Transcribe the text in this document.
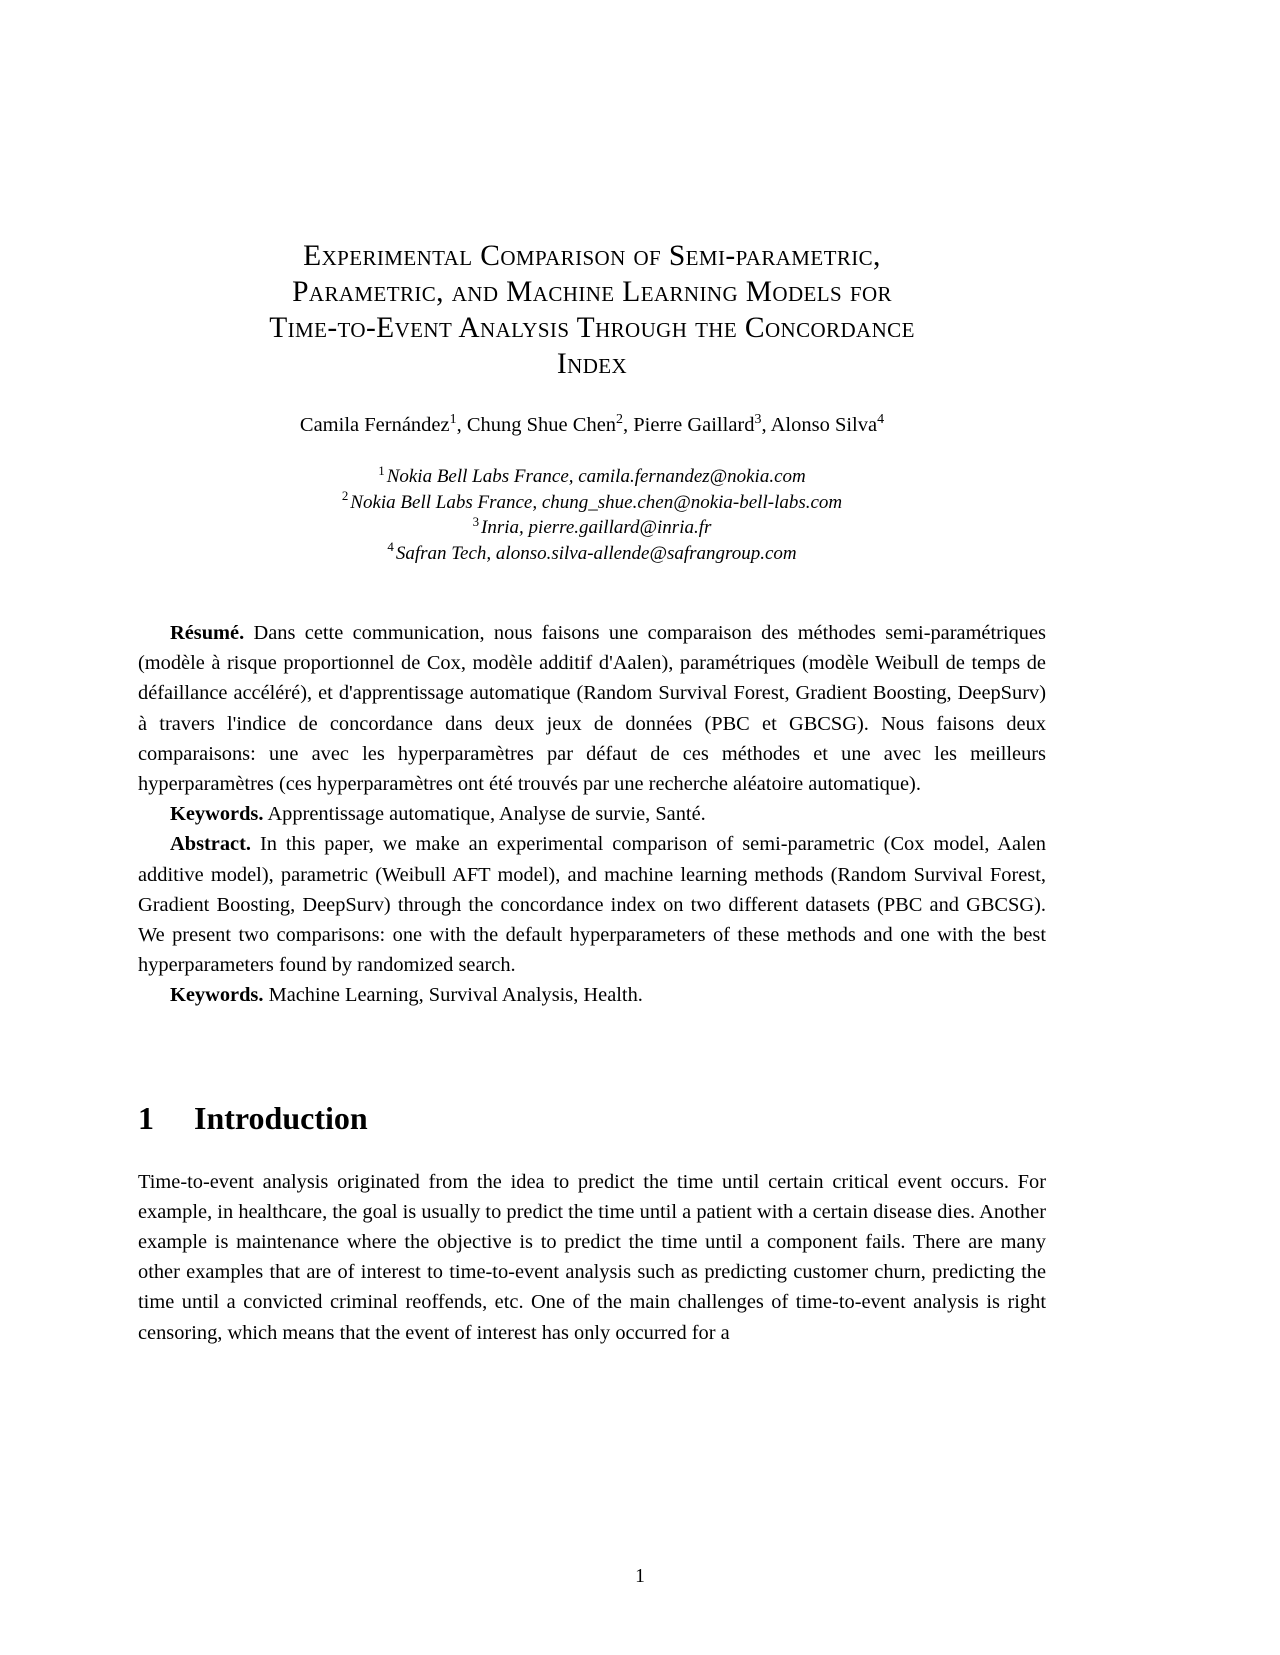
Experimental Comparison of Semi-parametric,
Parametric, and Machine Learning Models for
Time-to-Event Analysis Through the Concordance
Index
Camila Fernández$^1$, Chung Shue Chen$^2$, Pierre Gaillard$^3$, Alonso Silva$^4$
$^1$ Nokia Bell Labs France, camila.fernandez@nokia.com
$^2$ Nokia Bell Labs France, chung_shue.chen@nokia-bell-labs.com
$^3$ Inria, pierre.gaillard@inria.fr
$^4$ Safran Tech, alonso.silva-allende@safrangroup.com

Résumé. Dans cette communication, nous faisons une comparaison des méthodes semi-paramétriques (modèle à risque proportionnel de Cox, modèle additif d'Aalen), paramétriques (modèle Weibull de temps de défaillance accéléré), et d'apprentissage automatique (Random Survival Forest, Gradient Boosting, DeepSurv) à travers l'indice de concordance dans deux jeux de données (PBC et GBCSG). Nous faisons deux comparaisons: une avec les hyperparamètres par défaut de ces méthodes et une avec les meilleurs hyperparamètres (ces hyperparamètres ont été trouvés par une recherche aléatoire automatique).

Keywords. Apprentissage automatique, Analyse de survie, Santé.

Abstract. In this paper, we make an experimental comparison of semi-parametric (Cox model, Aalen additive model), parametric (Weibull AFT model), and machine learning methods (Random Survival Forest, Gradient Boosting, DeepSurv) through the concordance index on two different datasets (PBC and GBCSG). We present two comparisons: one with the default hyperparameters of these methods and one with the best hyperparameters found by randomized search.

Keywords. Machine Learning, Survival Analysis, Health.

1 Introduction

Time-to-event analysis originated from the idea to predict the time until certain critical event occurs. For example, in healthcare, the goal is usually to predict the time until a patient with a certain disease dies. Another example is maintenance where the objective is to predict the time until a component fails. There are many other examples that are of interest to time-to-event analysis such as predicting customer churn, predicting the time until a convicted criminal reoffends, etc. One of the main challenges of time-to-event analysis is right censoring, which means that the event of interest has only occurred for a

1
